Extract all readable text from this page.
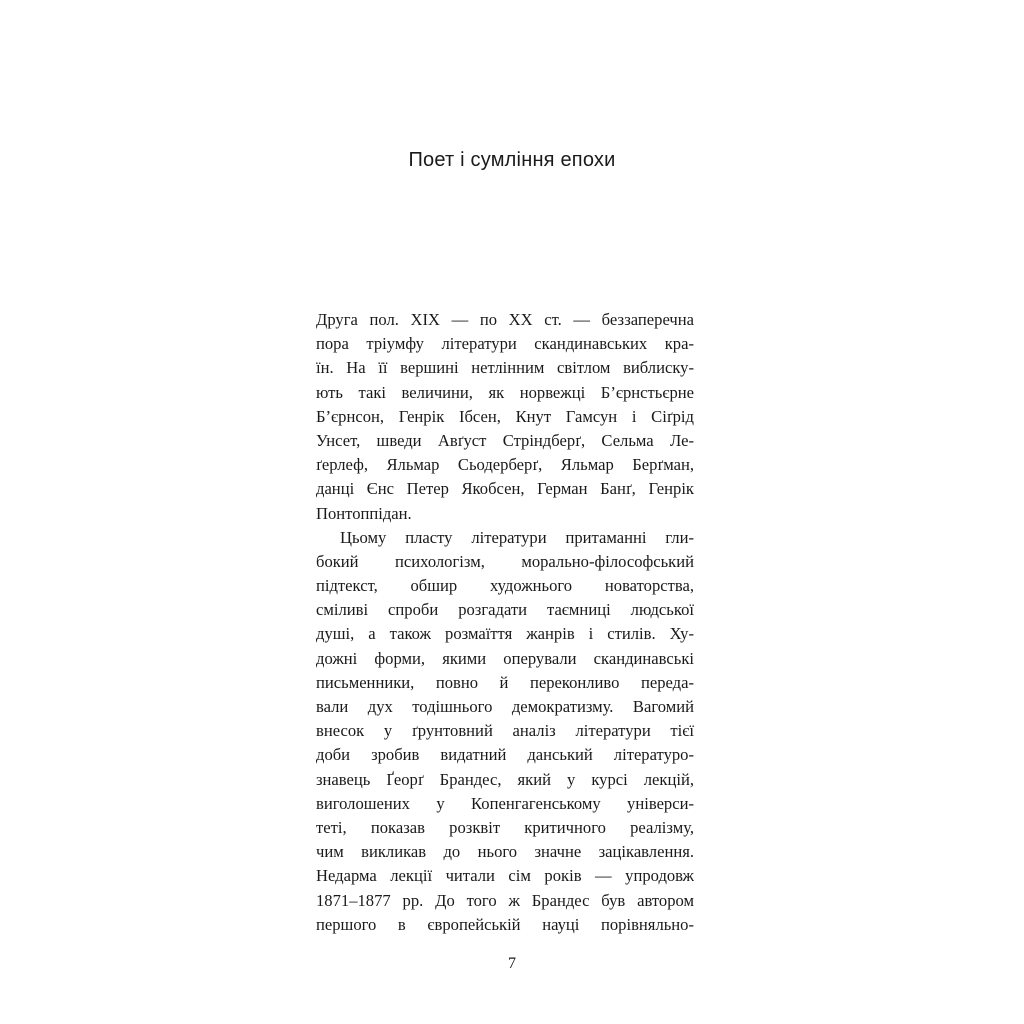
Поет і сумління епохи
Друга пол. XIX — по XX ст. — беззаперечна
пора тріумфу літератури скандинавських кра-
їн. На її вершині нетлінним світлом виблиску-
ють такі величини, як норвежці Б’єрнстьєрне
Б’єрнсон, Генрік Ібсен, Кнут Гамсун і Сіґрід
Унсет, шведи Авґуст Стріндберґ, Сельма Ле-
ґерлеф, Яльмар Сьодерберґ, Яльмар Берґман,
данці Єнс Петер Якобсен, Герман Банґ, Генрік
Понтоппідан.
Цьому пласту літератури притаманні гли-
бокий психологізм, морально-філософський
підтекст, обшир художнього новаторства,
сміливі спроби розгадати таємниці людської
душі, а також розмаїття жанрів і стилів. Ху-
дожні форми, якими оперували скандинавські
письменники, повно й переконливо переда-
вали дух тодішнього демократизму. Вагомий
внесок у ґрунтовний аналіз літератури тієї
доби зробив видатний данський літературо-
знавець Ґеорґ Брандес, який у курсі лекцій,
виголошених у Копенгагенському універси-
теті, показав розквіт критичного реалізму,
чим викликав до нього значне зацікавлення.
Недарма лекції читали сім років — упродовж
1871–1877 рр. До того ж Брандес був автором
першого в європейській науці порівняльно-
7
